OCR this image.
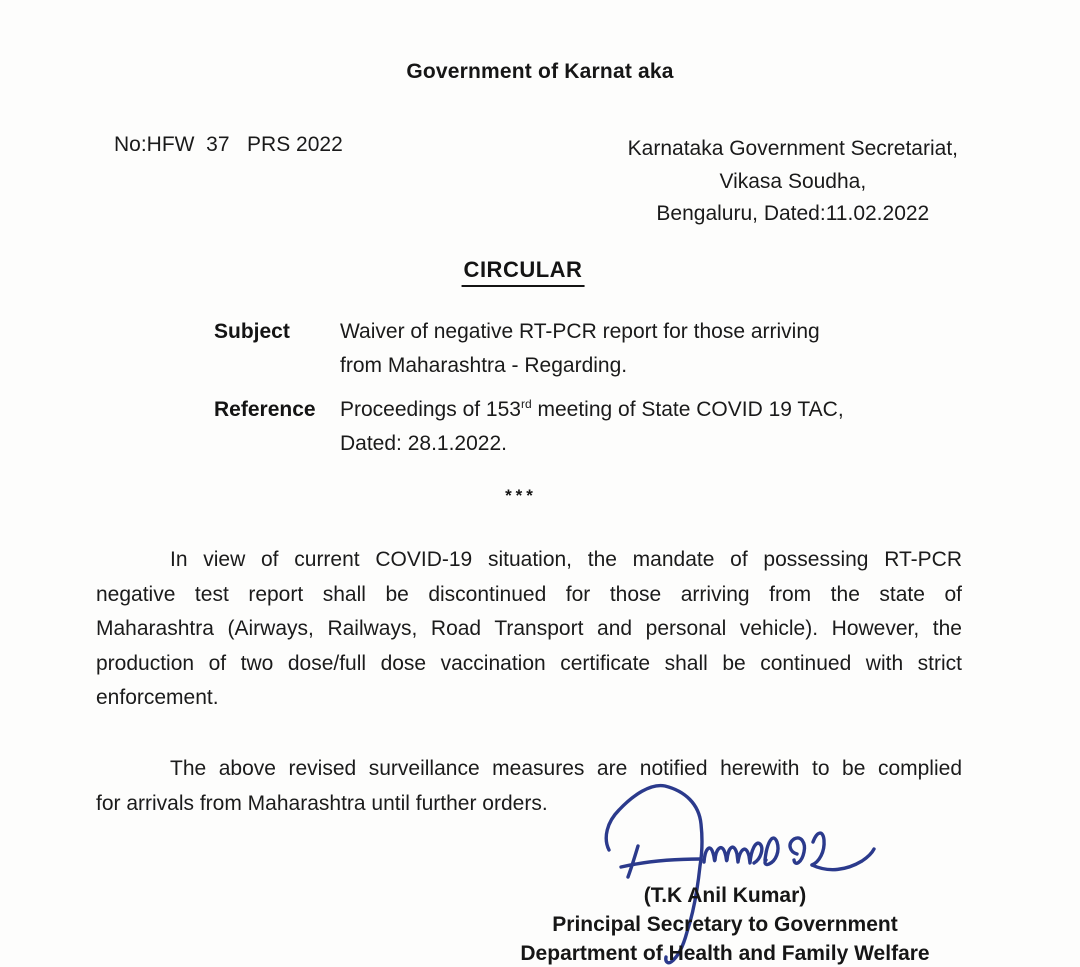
Government of Karnat aka
No:HFW  37   PRS 2022	Karnataka Government Secretariat,
Vikasa Soudha,
Bengaluru, Dated:11.02.2022
CIRCULAR
Subject	Waiver of negative RT-PCR report for those arriving
from Maharashtra - Regarding.
Reference	Proceedings of 153rd meeting of State COVID 19 TAC,
Dated: 28.1.2022.
***
In view of current COVID-19 situation, the mandate of possessing RT-PCR
negative test report shall be discontinued for those arriving from the state of
Maharashtra (Airways, Railways, Road Transport and personal vehicle). However, the
production of two dose/full dose vaccination certificate shall be continued with strict
enforcement.
The above revised surveillance measures are notified herewith to be complied
for arrivals from Maharashtra until further orders.
(T.K Anil Kumar)
Principal Secretary to Government
Department of Health and Family Welfare
